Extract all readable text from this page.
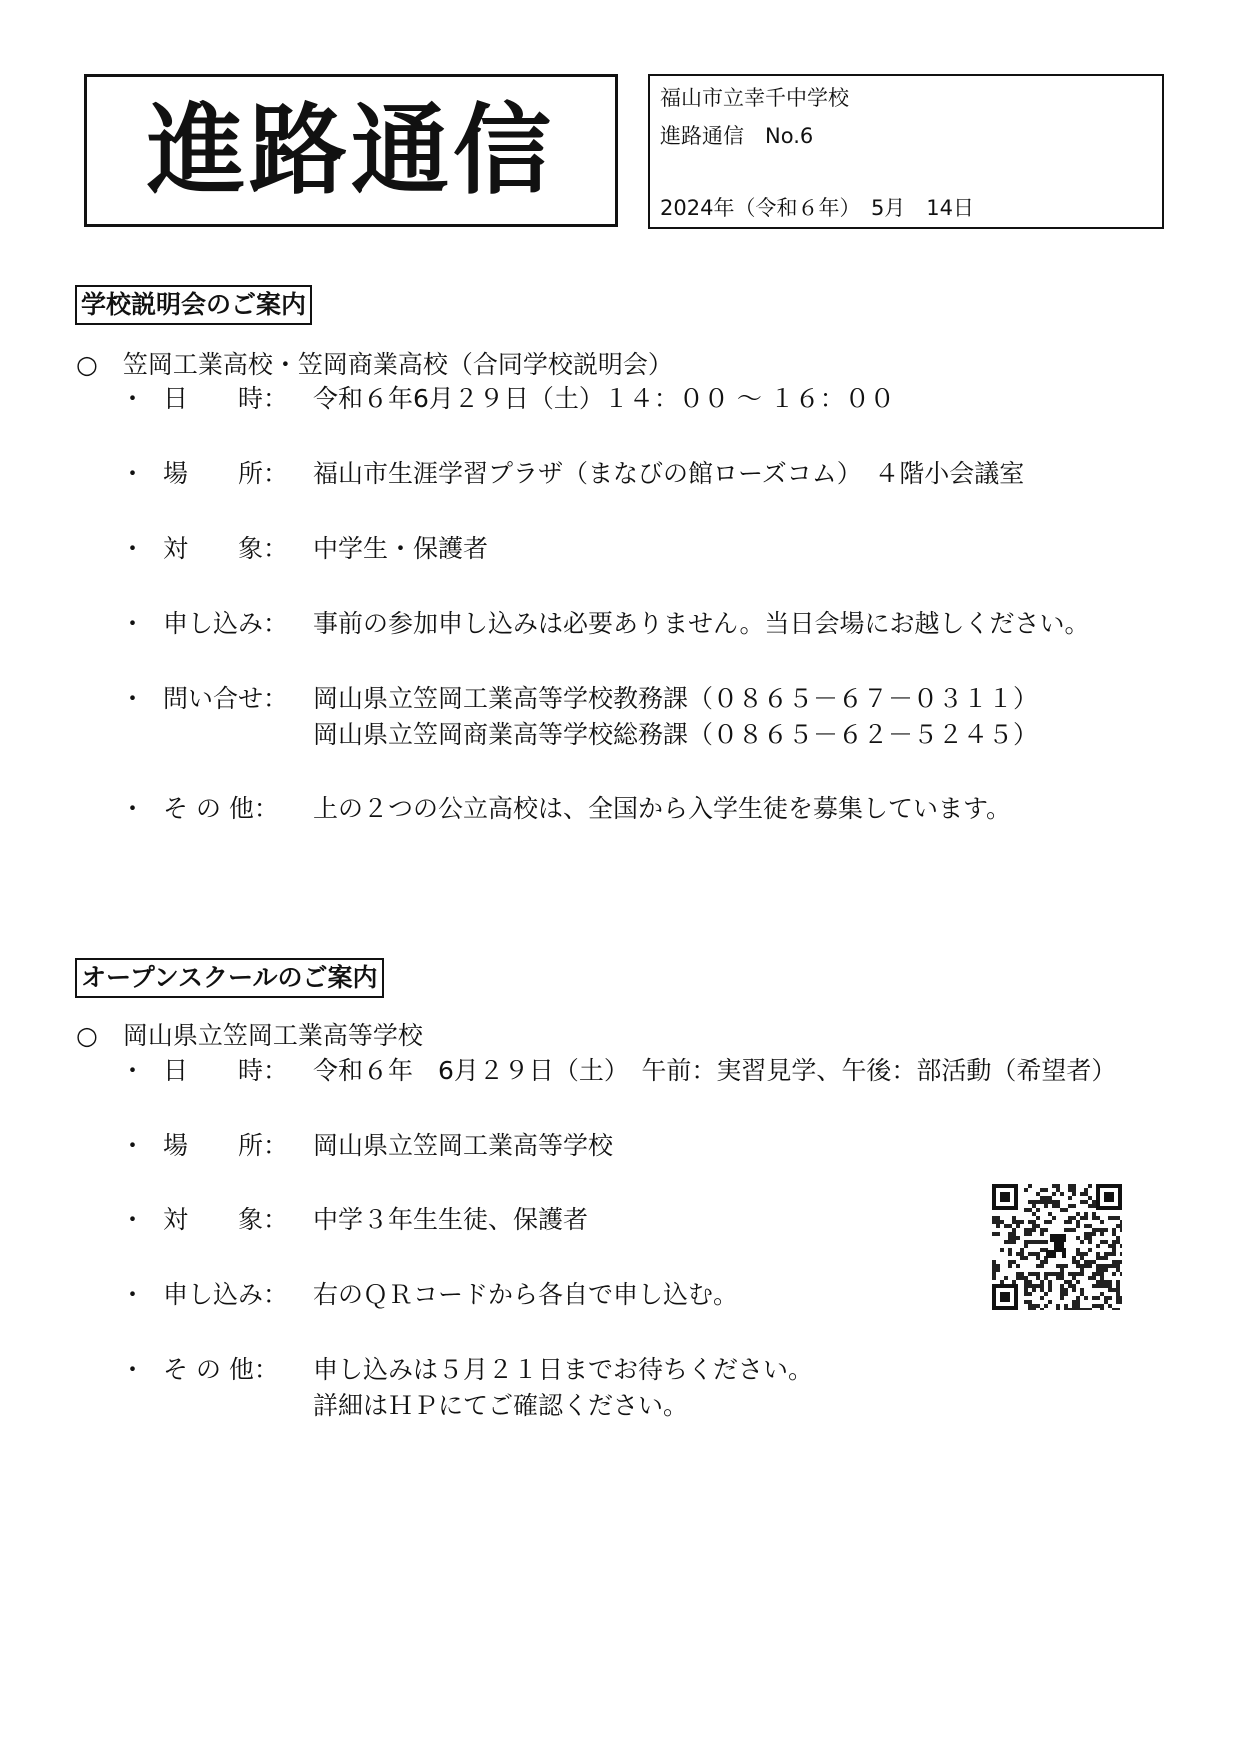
進路通信	福山市立幸千中学校
進路通信　No.6
2024年（令和６年）　5月　14日
学校説明会のご案内
○　笠岡工業高校・笠岡商業高校（合同学校説明会）
・ 日　　時： 令和６年6月２９日（土）１４：００ ～ １６：００
・ 場　　所： 福山市生涯学習プラザ（まなびの館ローズコム）　４階小会議室
・ 対　　象： 中学生・保護者
・ 申し込み： 事前の参加申し込みは必要ありません。当日会場にお越しください。
・ 問い合せ： 岡山県立笠岡工業高等学校教務課（０８６５－６７－０３１１）
岡山県立笠岡商業高等学校総務課（０８６５－６２－５２４５）
・ そ の 他： 上の２つの公立高校は、全国から入学生徒を募集しています。
オープンスクールのご案内
○　岡山県立笠岡工業高等学校
・ 日　　時： 令和６年　6月２９日（土）　午前：実習見学、午後：部活動（希望者）
・ 場　　所： 岡山県立笠岡工業高等学校
・ 対　　象： 中学３年生生徒、保護者
・ 申し込み： 右のＱＲコードから各自で申し込む。
・ そ の 他： 申し込みは５月２１日までお待ちください。
詳細はＨＰにてご確認ください。
